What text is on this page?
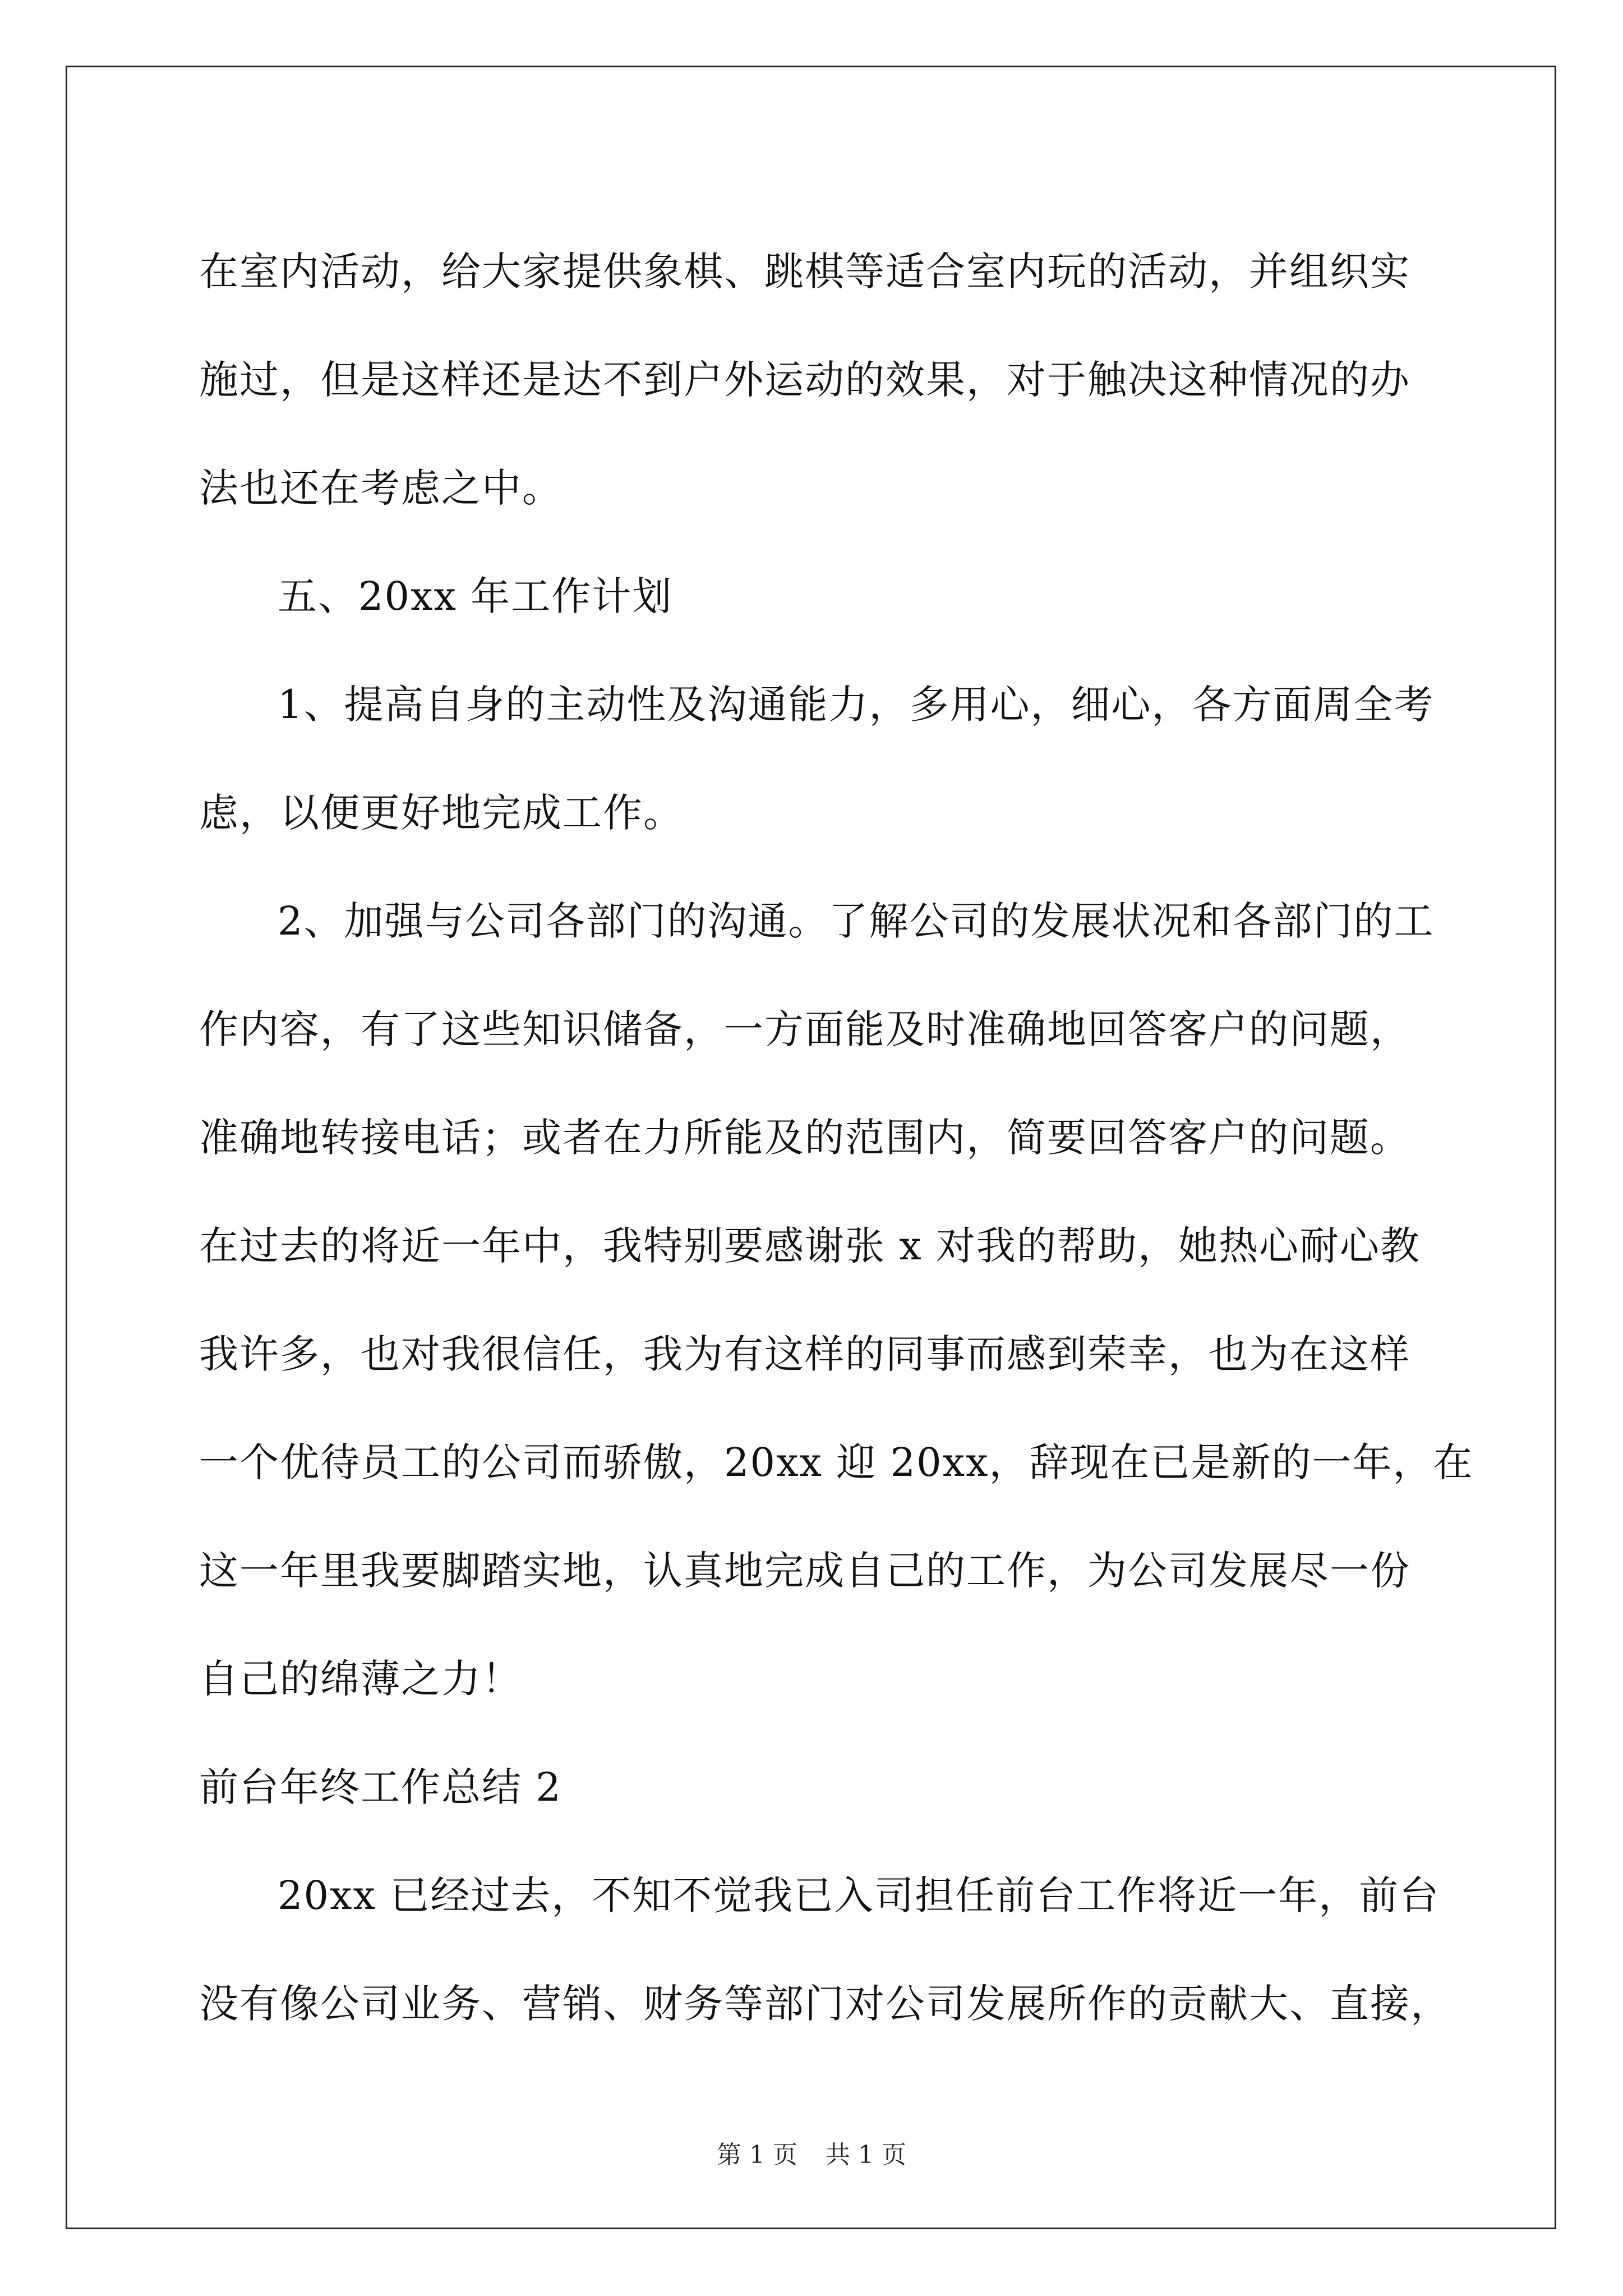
在室内活动，给大家提供象棋、跳棋等适合室内玩的活动，并组织实
施过，但是这样还是达不到户外运动的效果，对于触决这种情况的办
法也还在考虑之中。
五、20xx 年工作计划
1、提高自身的主动性及沟通能力，多用心，细心，各方面周全考
虑，以便更好地完成工作。
2、加强与公司各部门的沟通。了解公司的发展状况和各部门的工
作内容，有了这些知识储备，一方面能及时准确地回答客户的问题，
准确地转接电话；或者在力所能及的范围内，简要回答客户的问题。
在过去的将近一年中，我特别要感谢张 x 对我的帮助，她热心耐心教
我许多，也对我很信任，我为有这样的同事而感到荣幸，也为在这样
一个优待员工的公司而骄傲，20xx 迎 20xx，辞现在已是新的一年，在
这一年里我要脚踏实地，认真地完成自己的工作，为公司发展尽一份
自己的绵薄之力！
前台年终工作总结 2
20xx 已经过去，不知不觉我已入司担任前台工作将近一年，前台
没有像公司业务、营销、财务等部门对公司发展所作的贡献大、直接，
第 1 页 共 1 页
